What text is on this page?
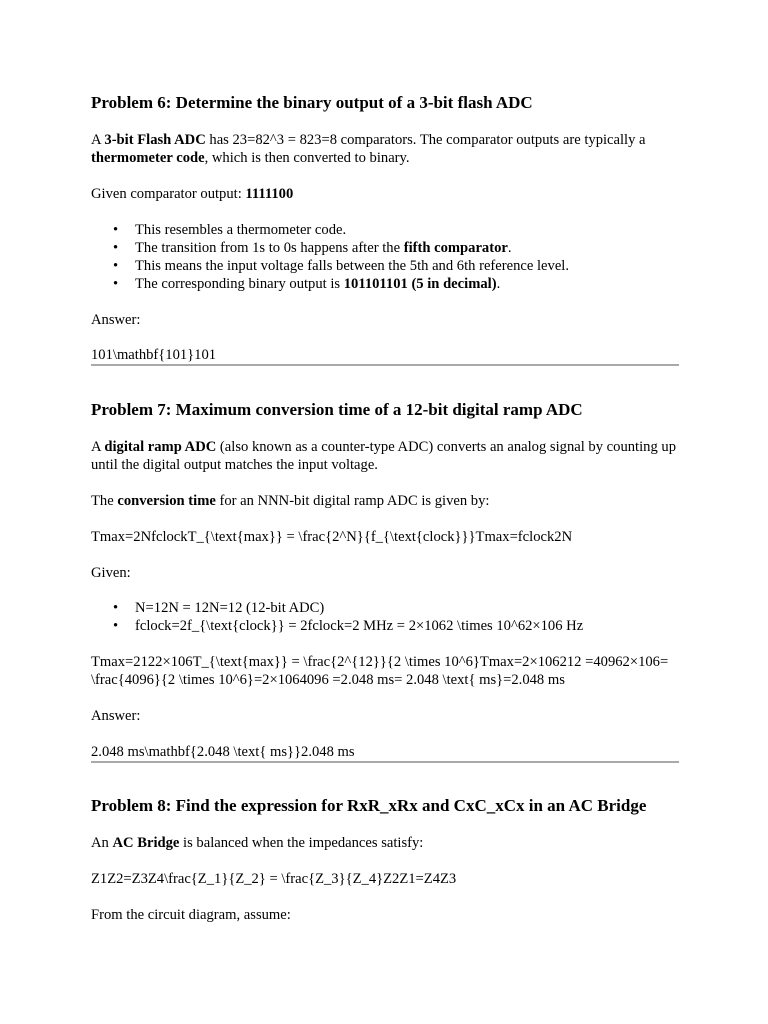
Problem 6: Determine the binary output of a 3-bit flash ADC

A 3-bit Flash ADC has 23=82^3 = 823=8 comparators. The comparator outputs are typically a thermometer code, which is then converted to binary.

Given comparator output: 1111100

• This resembles a thermometer code.
• The transition from 1s to 0s happens after the fifth comparator.
• This means the input voltage falls between the 5th and 6th reference level.
• The corresponding binary output is 101101101 (5 in decimal).

Answer:

101\mathbf{101}101

Problem 7: Maximum conversion time of a 12-bit digital ramp ADC

A digital ramp ADC (also known as a counter-type ADC) converts an analog signal by counting up until the digital output matches the input voltage.

The conversion time for an NNN-bit digital ramp ADC is given by:

Tmax=2NfclockT_{\text{max}} = \frac{2^N}{f_{\text{clock}}}Tmax=fclock2N

Given:

• N=12N = 12N=12 (12-bit ADC)
• fclock=2f_{\text{clock}} = 2fclock=2 MHz = 2×1062 \times 10^62×106 Hz

Tmax=2122×106T_{\text{max}} = \frac{2^{12}}{2 \times 10^6}Tmax=2×106212 =40962×106= \frac{4096}{2 \times 10^6}=2×1064096 =2.048 ms= 2.048 \text{ ms}=2.048 ms

Answer:

2.048 ms\mathbf{2.048 \text{ ms}}2.048 ms

Problem 8: Find the expression for RxR_xRx and CxC_xCx in an AC Bridge

An AC Bridge is balanced when the impedances satisfy:

Z1Z2=Z3Z4\frac{Z_1}{Z_2} = \frac{Z_3}{Z_4}Z2Z1=Z4Z3

From the circuit diagram, assume:
